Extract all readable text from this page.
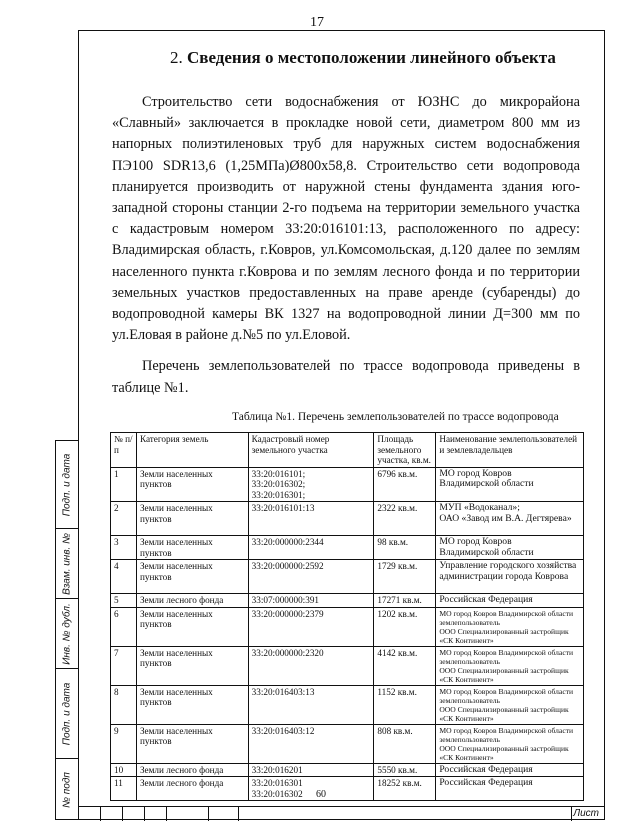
17
Подп. и дата
Взам. инв. №
Инв. № дубл.
Подп. и дата
№ подп
Лист
2. Сведения о местоположении линейного объекта

Строительство сети водоснабжения от ЮЗНС до микрорайона «Славный» заключается в прокладке новой сети, диаметром 800 мм из напорных полиэтиленовых труб для наружных систем водоснабжения ПЭ100 SDR13,6 (1,25МПа)Ø800х58,8. Строительство сети водопровода планируется производить от наружной стены фундамента здания юго-западной стороны станции 2-го подъема на территории земельного участка с кадастровым номером 33:20:016101:13, расположенного по адресу: Владимирская область, г.Ковров, ул.Комсомольская, д.120 далее по землям населенного пункта г.Коврова и по землям лесного фонда и по территории земельных участков предоставленных на праве аренде (субаренды) до водопроводной камеры ВК 1327 на водопроводной линии Д=300 мм по ул.Еловая в районе д.№5 по ул.Еловой.

Перечень землепользователей по трассе водопровода приведены в таблице №1.

Таблица №1. Перечень землепользователей по трассе водопровода
№ п/п	Категория земель	Кадастровый номер земельного участка	Площадь земельного участка, кв.м.	Наименование землепользователей и землевладельцев
1	Земли населенных пунктов	33:20:016101;
33:20:016302;
33:20:016301;	6796 кв.м.	МО город Ковров
Владимирской области
2	Земли населенных пунктов	33:20:016101:13	2322 кв.м.	МУП «Водоканал»;
ОАО «Завод им В.А. Дегтярева»
3	Земли населенных пунктов	33:20:000000:2344	98 кв.м.	МО город Ковров
Владимирской области
4	Земли населенных пунктов	33:20:000000:2592	1729 кв.м.	Управление городского хозяйства администрации города Коврова
5	Земли лесного фонда	33:07:000000:391	17271 кв.м.	Российская Федерация
6	Земли населенных пунктов	33:20:000000:2379	1202 кв.м.	МО город Ковров Владимирской области землепользователь
ООО Специализированный застройщик «СК Континент»
7	Земли населенных пунктов	33:20:000000:2320	4142 кв.м.	МО город Ковров Владимирской области землепользователь
ООО Специализированный застройщик «СК Континент»
8	Земли населенных пунктов	33:20:016403:13	1152 кв.м.	МО город Ковров Владимирской области землепользователь
ООО Специализированный застройщик «СК Континент»
9	Земли населенных пунктов	33:20:016403:12	808 кв.м.	МО город Ковров Владимирской области землепользователь
ООО Специализированный застройщик «СК Континент»
10	Земли лесного фонда	33:20:016201	5550 кв.м.	Российская Федерация
11	Земли лесного фонда	33:20:016301
33:20:016302	18252 кв.м.	Российская Федерация
60
